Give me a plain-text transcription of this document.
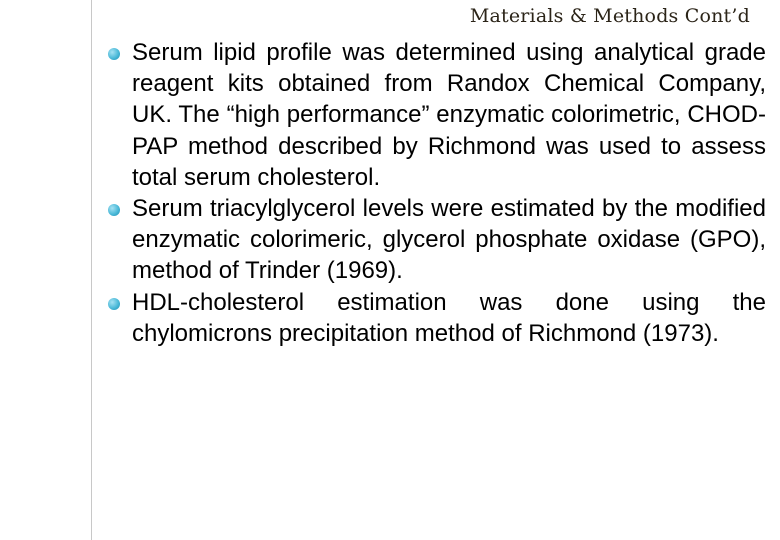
Materials & Methods Cont’d
Serum lipid profile was determined using analytical grade reagent kits obtained from Randox Chemical Company, UK. The “high performance” enzymatic colorimetric, CHOD-PAP method described by Richmond was used to assess total serum cholesterol.
Serum triacylglycerol levels were estimated by the modified enzymatic colorimeric, glycerol phosphate oxidase (GPO), method of Trinder (1969).
HDL-cholesterol estimation was done using the chylomicrons precipitation method of Richmond (1973).
